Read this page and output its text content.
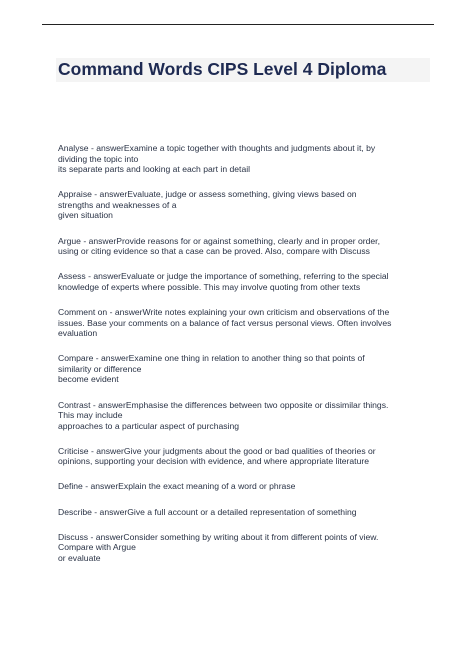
Command Words CIPS Level 4 Diploma
Analyse - answerExamine a topic together with thoughts and judgments about it, by
dividing the topic into
its separate parts and looking at each part in detail
Appraise - answerEvaluate, judge or assess something, giving views based on
strengths and weaknesses of a
given situation
Argue - answerProvide reasons for or against something, clearly and in proper order,
using or citing evidence so that a case can be proved. Also, compare with Discuss
Assess - answerEvaluate or judge the importance of something, referring to the special
knowledge of experts where possible. This may involve quoting from other texts
Comment on - answerWrite notes explaining your own criticism and observations of the
issues. Base your comments on a balance of fact versus personal views. Often involves
evaluation
Compare - answerExamine one thing in relation to another thing so that points of
similarity or difference
become evident
Contrast - answerEmphasise the differences between two opposite or dissimilar things.
This may include
approaches to a particular aspect of purchasing
Criticise - answerGive your judgments about the good or bad qualities of theories or
opinions, supporting your decision with evidence, and where appropriate literature
Define - answerExplain the exact meaning of a word or phrase
Describe - answerGive a full account or a detailed representation of something
Discuss - answerConsider something by writing about it from different points of view.
Compare with Argue
or evaluate
